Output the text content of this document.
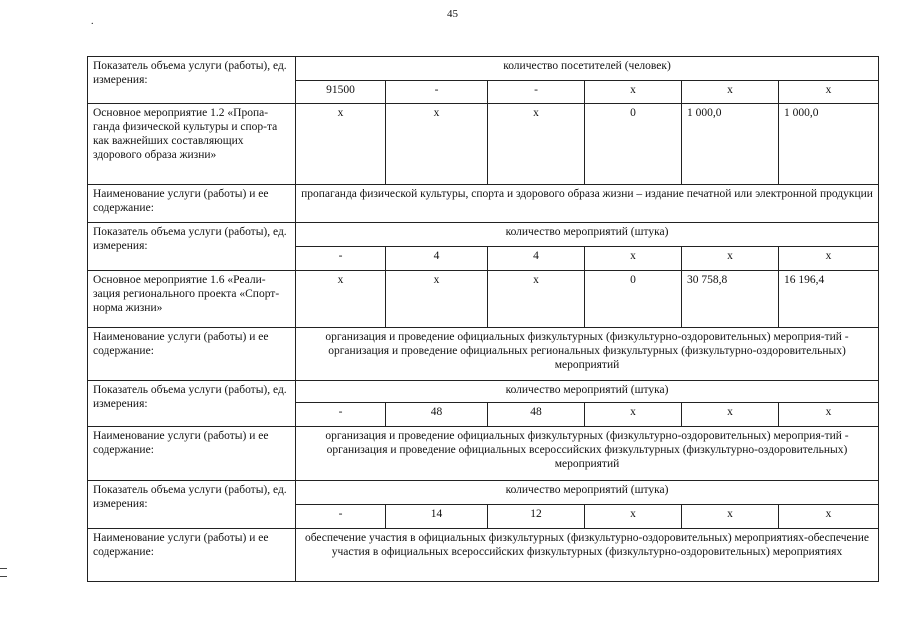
45
.
Показатель объема услуги (работы), ед. измерения:	количество посетителей (человек)					
	91500	-	-	x	x	x
Основное мероприятие 1.2 «Пропа-ганда физической культуры и спор-та как важнейших составляющих здорового образа жизни»	x	x	x	0	1 000,0	1 000,0
Наименование услуги (работы) и ее содержание:	пропаганда физической культуры, спорта и здорового образа жизни – издание печатной или электронной продукции					
Показатель объема услуги (работы), ед. измерения:	количество мероприятий (штука)					
	-	4	4	x	x	x
Основное мероприятие 1.6 «Реали-зация регионального проекта «Спорт-норма жизни»	x	x	x	0	30 758,8	16 196,4
Наименование услуги (работы) и ее содержание:	организация и проведение официальных физкультурных (физкультурно-оздоровительных) мероприя-тий - организация и проведение официальных региональных физкультурных (физкультурно-оздоровительных) мероприятий					
Показатель объема услуги (работы), ед. измерения:	количество мероприятий (штука)					
	-	48	48	x	x	x
Наименование услуги (работы) и ее содержание:	организация и проведение официальных физкультурных (физкультурно-оздоровительных) мероприя-тий - организация и проведение официальных всероссийских физкультурных (физкультурно-оздоровительных) мероприятий					
Показатель объема услуги (работы), ед. измерения:	количество мероприятий (штука)					
	-	14	12	x	x	x
Наименование услуги (работы) и ее содержание:	обеспечение участия в официальных физкультурных (физкультурно-оздоровительных) мероприятиях-обеспечение участия в официальных всероссийских физкультурных (физкультурно-оздоровительных) мероприятиях					
